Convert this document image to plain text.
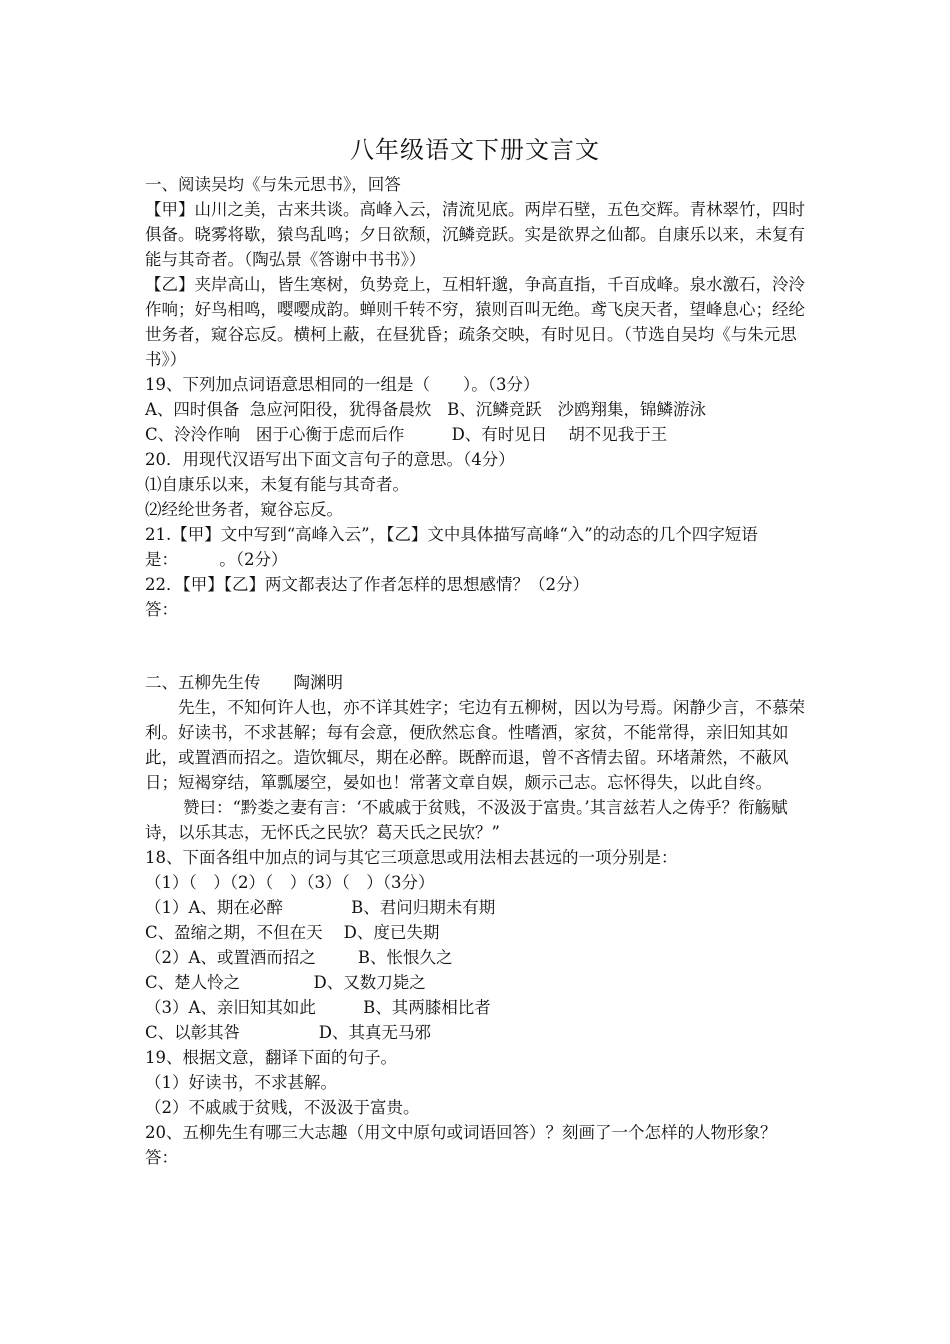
八年级语文下册文言文

一、阅读吴均《与朱元思书》，回答

【甲】山川之美，古来共谈。高峰入云，清流见底。两岸石壁，五色交辉。青林翠竹，四时俱备。晓雾将歇，猿鸟乱鸣；夕日欲颓，沉鳞竞跃。实是欲界之仙都。自康乐以来，未复有能与其奇者。（陶弘景《答谢中书书》）

【乙】夹岸高山，皆生寒树，负势竞上，互相轩邈，争高直指，千百成峰。泉水激石，泠泠作响；好鸟相鸣，嘤嘤成韵。蝉则千转不穷，猿则百叫无绝。鸢飞戾天者，望峰息心；经纶世务者，窥谷忘反。横柯上蔽，在昼犹昏；疏条交映，有时见日。（节选自吴均《与朱元思书》）

19、下列加点词语意思相同的一组是（　　）。（3分）

A、四时俱备  急应河阳役，犹得备晨炊   B、沉鳞竞跃   沙鸥翔集，锦鳞游泳

C、泠泠作响   困于心衡于虑而后作         D、有时见日    胡不见我于王

20．用现代汉语写出下面文言句子的意思。（4分）

⑴自康乐以来，未复有能与其奇者。

⑵经纶世务者，窥谷忘反。

21.【甲】文中写到“高峰入云”，【乙】文中具体描写高峰“入”的动态的几个四字短语是：　　　。（2分）

22．【甲】【乙】两文都表达了作者怎样的思想感情？（2分）

答：

二、五柳先生传　　陶渊明

先生，不知何许人也，亦不详其姓字；宅边有五柳树，因以为号焉。闲静少言，不慕荣利。好读书，不求甚解；每有会意，便欣然忘食。性嗜酒，家贫，不能常得，亲旧知其如此，或置酒而招之。造饮辄尽，期在必醉。既醉而退，曾不吝情去留。环堵萧然，不蔽风日；短褐穿结，箪瓢屡空，晏如也！常著文章自娱，颇示己志。忘怀得失，以此自终。

赞曰：“黔娄之妻有言：‘不戚戚于贫贱，不汲汲于富贵。’其言兹若人之俦乎？衔觞赋诗，以乐其志，无怀氏之民欤？葛天氏之民欤？”

18、下面各组中加点的词与其它三项意思或用法相去甚远的一项分别是：

（1）（　）（2）（　）（3）（　）（3分）

（1）A、期在必醉             B、君问归期未有期

C、盈缩之期，不但在天    D、度已失期

（2）A、或置酒而招之        B、怅恨久之

C、楚人怜之              D、又数刀毙之

（3）A、亲旧知其如此         B、其两膝相比者

C、以彰其咎               D、其真无马邪

19、根据文意，翻译下面的句子。

（1）好读书，不求甚解。

（2）不戚戚于贫贱，不汲汲于富贵。

20、五柳先生有哪三大志趣（用文中原句或词语回答）？刻画了一个怎样的人物形象？

答：
